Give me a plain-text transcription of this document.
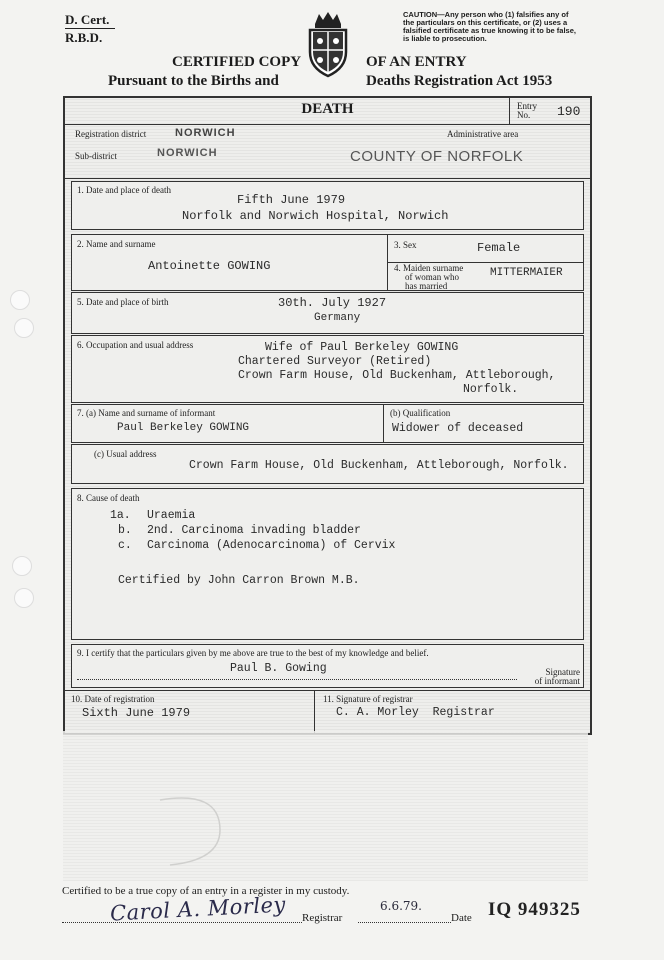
D. Cert.
R.B.D.
CERTIFIED COPY
Pursuant to the Births and
OF AN ENTRY
Deaths Registration Act 1953
CAUTION—Any person who (1) falsifies any of the particulars on this certificate, or (2) uses a falsified certificate as true knowing it to be false, is liable to prosecution.
DEATH	Entry No.	190
Registration district	NORWICH	Administrative area
Sub-district	NORWICH	COUNTY OF NORFOLK
1. Date and place of death
Fifth June 1979
Norfolk and Norwich Hospital, Norwich
2. Name and surname
Antoinette GOWING
3. Sex	Female
4. Maiden surname
of woman who
has married
MITTERMAIER
5. Date and place of birth	30th. July 1927
Germany
6. Occupation and usual address	Wife of Paul Berkeley GOWING
Chartered Surveyor (Retired)
Crown Farm House, Old Buckenham, Attleborough,
Norfolk.
7. (a) Name and surname of informant
Paul Berkeley GOWING
(b) Qualification
Widower of deceased
(c) Usual address
Crown Farm House, Old Buckenham, Attleborough, Norfolk.
8. Cause of death
1a. Uraemia
b. 2nd. Carcinoma invading bladder
c. Carcinoma (Adenocarcinoma) of Cervix
Certified by John Carron Brown M.B.
9. I certify that the particulars given by me above are true to the best of my knowledge and belief.
Paul B. Gowing	Signature
of informant
10. Date of registration
Sixth June 1979
11. Signature of registrar
C. A. Morley  Registrar
Certified to be a true copy of an entry in a register in my custody.
Carol A. Morley Registrar
6.6.79.
Date IQ 949325
